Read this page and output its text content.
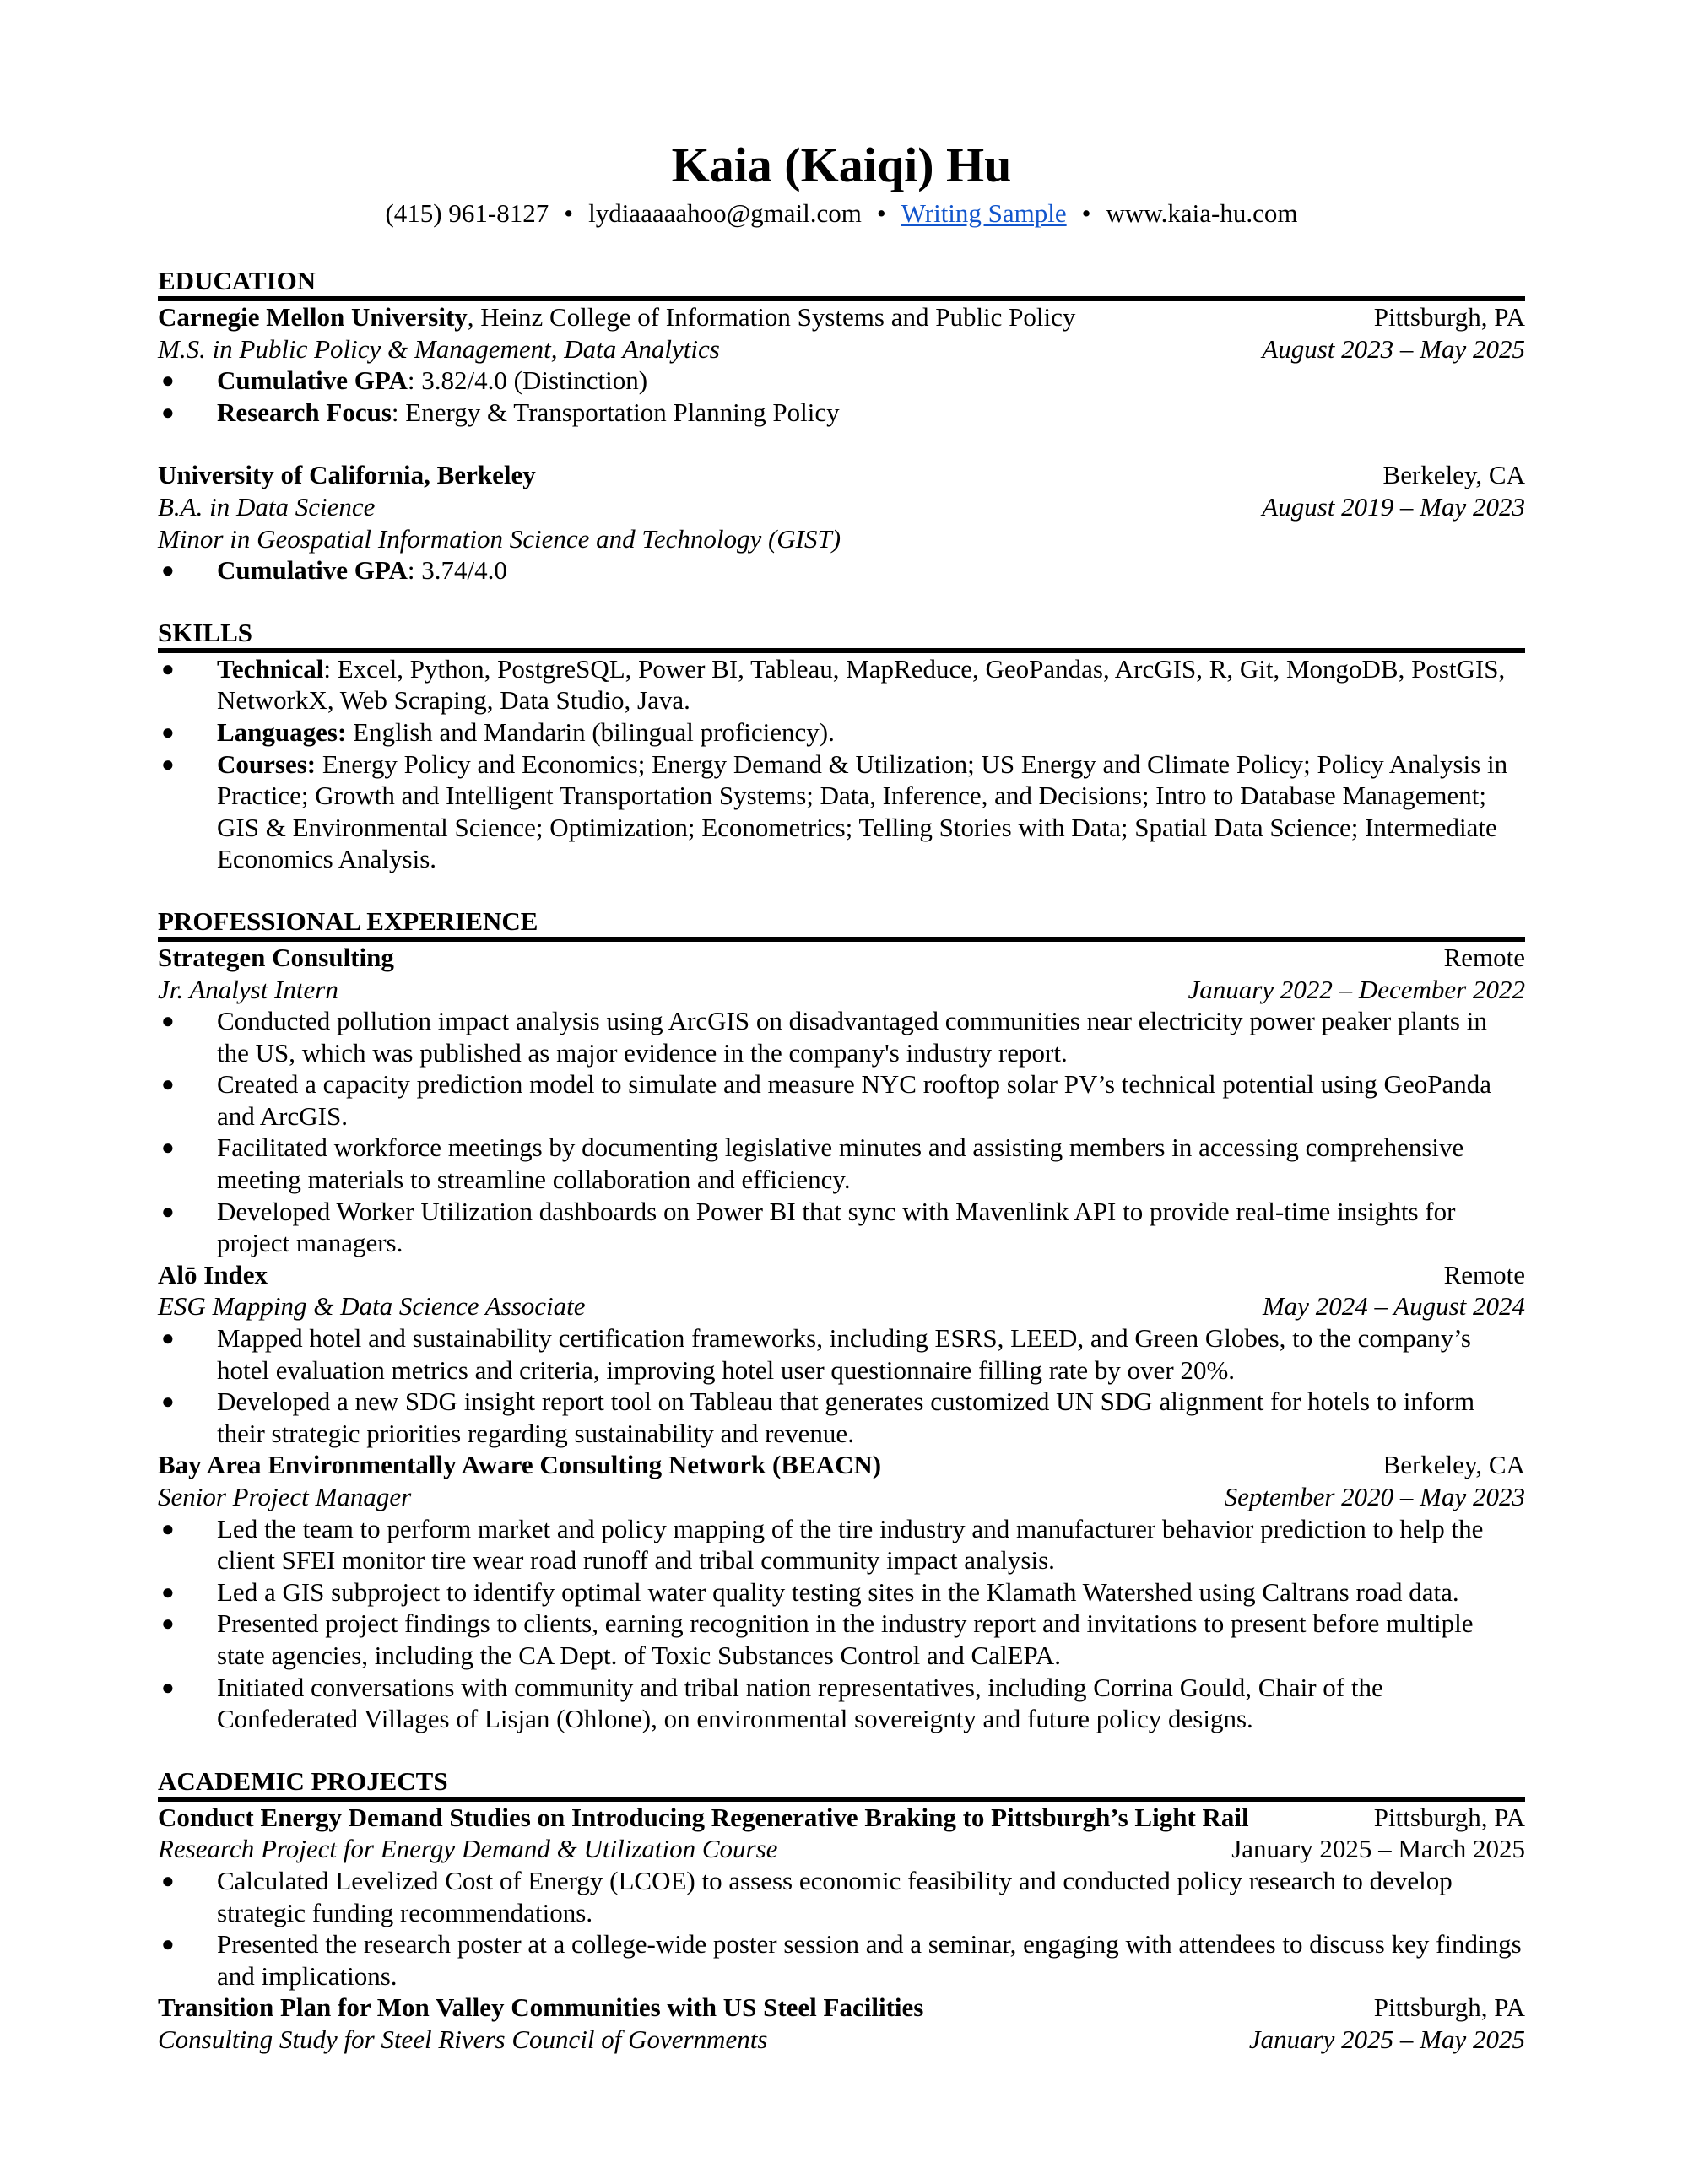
Kaia (Kaiqi) Hu
(415) 961-8127 • lydiaaaaahoo@gmail.com • Writing Sample • www.kaia-hu.com
EDUCATION
Carnegie Mellon University, Heinz College of Information Systems and Public Policy	Pittsburgh, PA
M.S. in Public Policy & Management, Data Analytics	August 2023 – May 2025
● Cumulative GPA: 3.82/4.0 (Distinction)
● Research Focus: Energy & Transportation Planning Policy
University of California, Berkeley	Berkeley, CA
B.A. in Data Science	August 2019 – May 2023
Minor in Geospatial Information Science and Technology (GIST)
● Cumulative GPA: 3.74/4.0
SKILLS
● Technical: Excel, Python, PostgreSQL, Power BI, Tableau, MapReduce, GeoPandas, ArcGIS, R, Git, MongoDB, PostGIS, NetworkX, Web Scraping, Data Studio, Java.
● Languages: English and Mandarin (bilingual proficiency).
● Courses: Energy Policy and Economics; Energy Demand & Utilization; US Energy and Climate Policy; Policy Analysis in Practice; Growth and Intelligent Transportation Systems; Data, Inference, and Decisions; Intro to Database Management; GIS & Environmental Science; Optimization; Econometrics; Telling Stories with Data; Spatial Data Science; Intermediate Economics Analysis.
PROFESSIONAL EXPERIENCE
Strategen Consulting	Remote
Jr. Analyst Intern	January 2022 – December 2022
● Conducted pollution impact analysis using ArcGIS on disadvantaged communities near electricity power peaker plants in the US, which was published as major evidence in the company's industry report.
● Created a capacity prediction model to simulate and measure NYC rooftop solar PV’s technical potential using GeoPanda and ArcGIS.
● Facilitated workforce meetings by documenting legislative minutes and assisting members in accessing comprehensive meeting materials to streamline collaboration and efficiency.
● Developed Worker Utilization dashboards on Power BI that sync with Mavenlink API to provide real-time insights for project managers.
Alō Index	Remote
ESG Mapping & Data Science Associate	May 2024 – August 2024
● Mapped hotel and sustainability certification frameworks, including ESRS, LEED, and Green Globes, to the company’s hotel evaluation metrics and criteria, improving hotel user questionnaire filling rate by over 20%.
● Developed a new SDG insight report tool on Tableau that generates customized UN SDG alignment for hotels to inform their strategic priorities regarding sustainability and revenue.
Bay Area Environmentally Aware Consulting Network (BEACN)	Berkeley, CA
Senior Project Manager	September 2020 – May 2023
● Led the team to perform market and policy mapping of the tire industry and manufacturer behavior prediction to help the client SFEI monitor tire wear road runoff and tribal community impact analysis.
● Led a GIS subproject to identify optimal water quality testing sites in the Klamath Watershed using Caltrans road data.
● Presented project findings to clients, earning recognition in the industry report and invitations to present before multiple state agencies, including the CA Dept. of Toxic Substances Control and CalEPA.
● Initiated conversations with community and tribal nation representatives, including Corrina Gould, Chair of the Confederated Villages of Lisjan (Ohlone), on environmental sovereignty and future policy designs.
ACADEMIC PROJECTS
Conduct Energy Demand Studies on Introducing Regenerative Braking to Pittsburgh’s Light Rail	Pittsburgh, PA
Research Project for Energy Demand & Utilization Course	January 2025 – March 2025
● Calculated Levelized Cost of Energy (LCOE) to assess economic feasibility and conducted policy research to develop strategic funding recommendations.
● Presented the research poster at a college-wide poster session and a seminar, engaging with attendees to discuss key findings and implications.
Transition Plan for Mon Valley Communities with US Steel Facilities	Pittsburgh, PA
Consulting Study for Steel Rivers Council of Governments	January 2025 – May 2025
